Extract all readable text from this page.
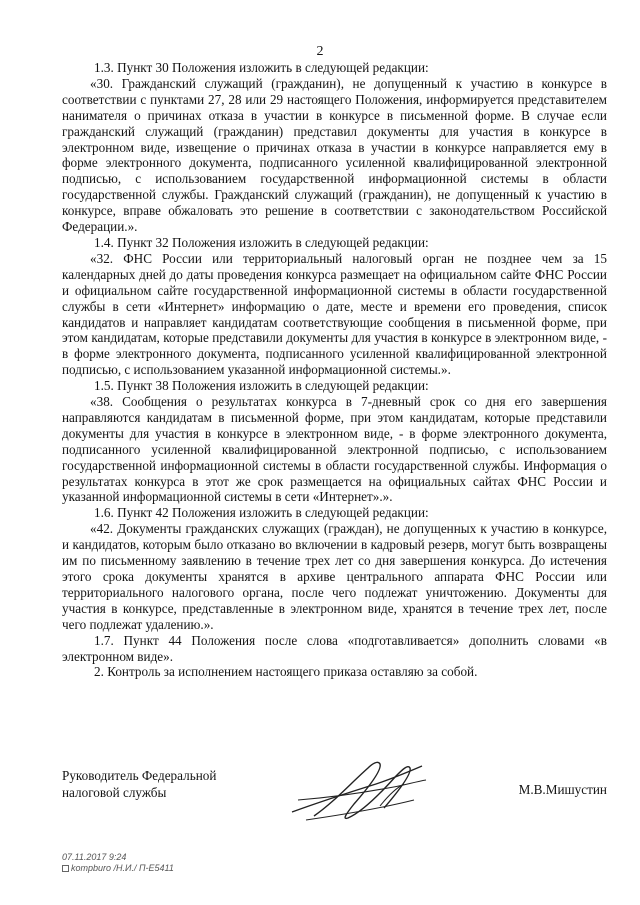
2

1.3. Пункт 30 Положения изложить в следующей редакции:

«30. Гражданский служащий (гражданин), не допущенный к участию в конкурсе в соответствии с пунктами 27, 28 или 29 настоящего Положения, информируется представителем нанимателя о причинах отказа в участии в конкурсе в письменной форме. В случае если гражданский служащий (гражданин) представил документы для участия в конкурсе в электронном виде, извещение о причинах отказа в участии в конкурсе направляется ему в форме электронного документа, подписанного усиленной квалифицированной электронной подписью, с использованием государственной информационной системы в области государственной службы. Гражданский служащий (гражданин), не допущенный к участию в конкурсе, вправе обжаловать это решение в соответствии с законодательством Российской Федерации.».

1.4. Пункт 32 Положения изложить в следующей редакции:

«32. ФНС России или территориальный налоговый орган не позднее чем за 15 календарных дней до даты проведения конкурса размещает на официальном сайте ФНС России и официальном сайте государственной информационной системы в области государственной службы в сети «Интернет» информацию о дате, месте и времени его проведения, список кандидатов и направляет кандидатам соответствующие сообщения в письменной форме, при этом кандидатам, которые представили документы для участия в конкурсе в электронном виде, - в форме электронного документа, подписанного усиленной квалифицированной электронной подписью, с использованием указанной информационной системы.».

1.5. Пункт 38 Положения изложить в следующей редакции:

«38. Сообщения о результатах конкурса в 7-дневный срок со дня его завершения направляются кандидатам в письменной форме, при этом кандидатам, которые представили документы для участия в конкурсе в электронном виде, - в форме электронного документа, подписанного усиленной квалифицированной электронной подписью, с использованием государственной информационной системы в области государственной службы. Информация о результатах конкурса в этот же срок размещается на официальных сайтах ФНС России и указанной информационной системы в сети «Интернет».».

1.6. Пункт 42 Положения изложить в следующей редакции:

«42. Документы гражданских служащих (граждан), не допущенных к участию в конкурсе, и кандидатов, которым было отказано во включении в кадровый резерв, могут быть возвращены им по письменному заявлению в течение трех лет со дня завершения конкурса. До истечения этого срока документы хранятся в архиве центрального аппарата ФНС России или территориального налогового органа, после чего подлежат уничтожению. Документы для участия в конкурсе, представленные в электронном виде, хранятся в течение трех лет, после чего подлежат удалению.».

1.7. Пункт 44 Положения после слова «подготавливается» дополнить словами «в электронном виде».

2. Контроль за исполнением настоящего приказа оставляю за собой.

Руководитель Федеральной
налоговой службы	М.В.Мишустин
07.11.2017 9:24
kompburo /Н.И./ П-Е5411
